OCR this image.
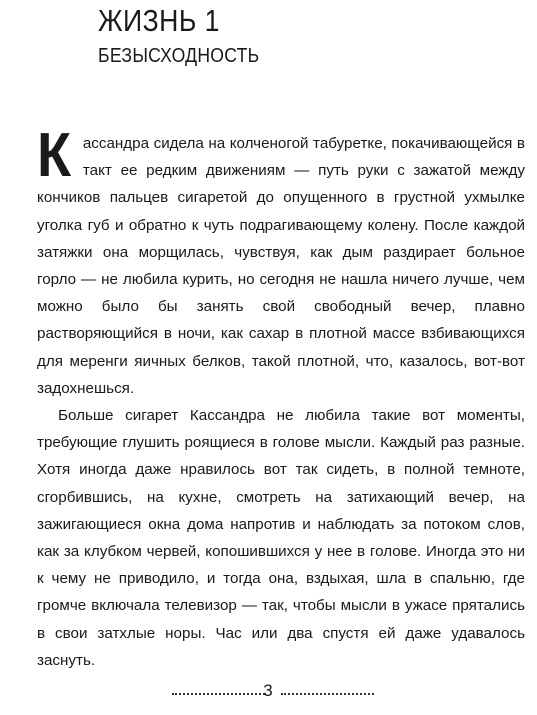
ЖИЗНЬ 1
БЕЗЫСХОДНОСТЬ

Кассандра сидела на колченогой табуретке, покачивающейся в такт ее редким движениям — путь руки с зажатой между кончиков пальцев сигаретой до опущенного в грустной ухмылке уголка губ и обратно к чуть подрагивающему колену. После каждой затяжки она морщилась, чувствуя, как дым раздирает больное горло — не любила курить, но сегодня не нашла ничего лучше, чем можно было бы занять свой свободный вечер, плавно растворяющийся в ночи, как сахар в плотной массе взбивающихся для меренги яичных белков, такой плотной, что, казалось, вот-вот задохнешься.

Больше сигарет Кассандра не любила такие вот моменты, требующие глушить роящиеся в голове мысли. Каждый раз разные. Хотя иногда даже нравилось вот так сидеть, в полной темноте, сгорбившись, на кухне, смотреть на затихающий вечер, на зажигающиеся окна дома напротив и наблюдать за потоком слов, как за клубком червей, копошившихся у нее в голове. Иногда это ни к чему не приводило, и тогда она, вздыхая, шла в спальню, где громче включала телевизор — так, чтобы мысли в ужасе прятались в свои затхлые норы. Час или два спустя ей даже удавалось заснуть.

3
